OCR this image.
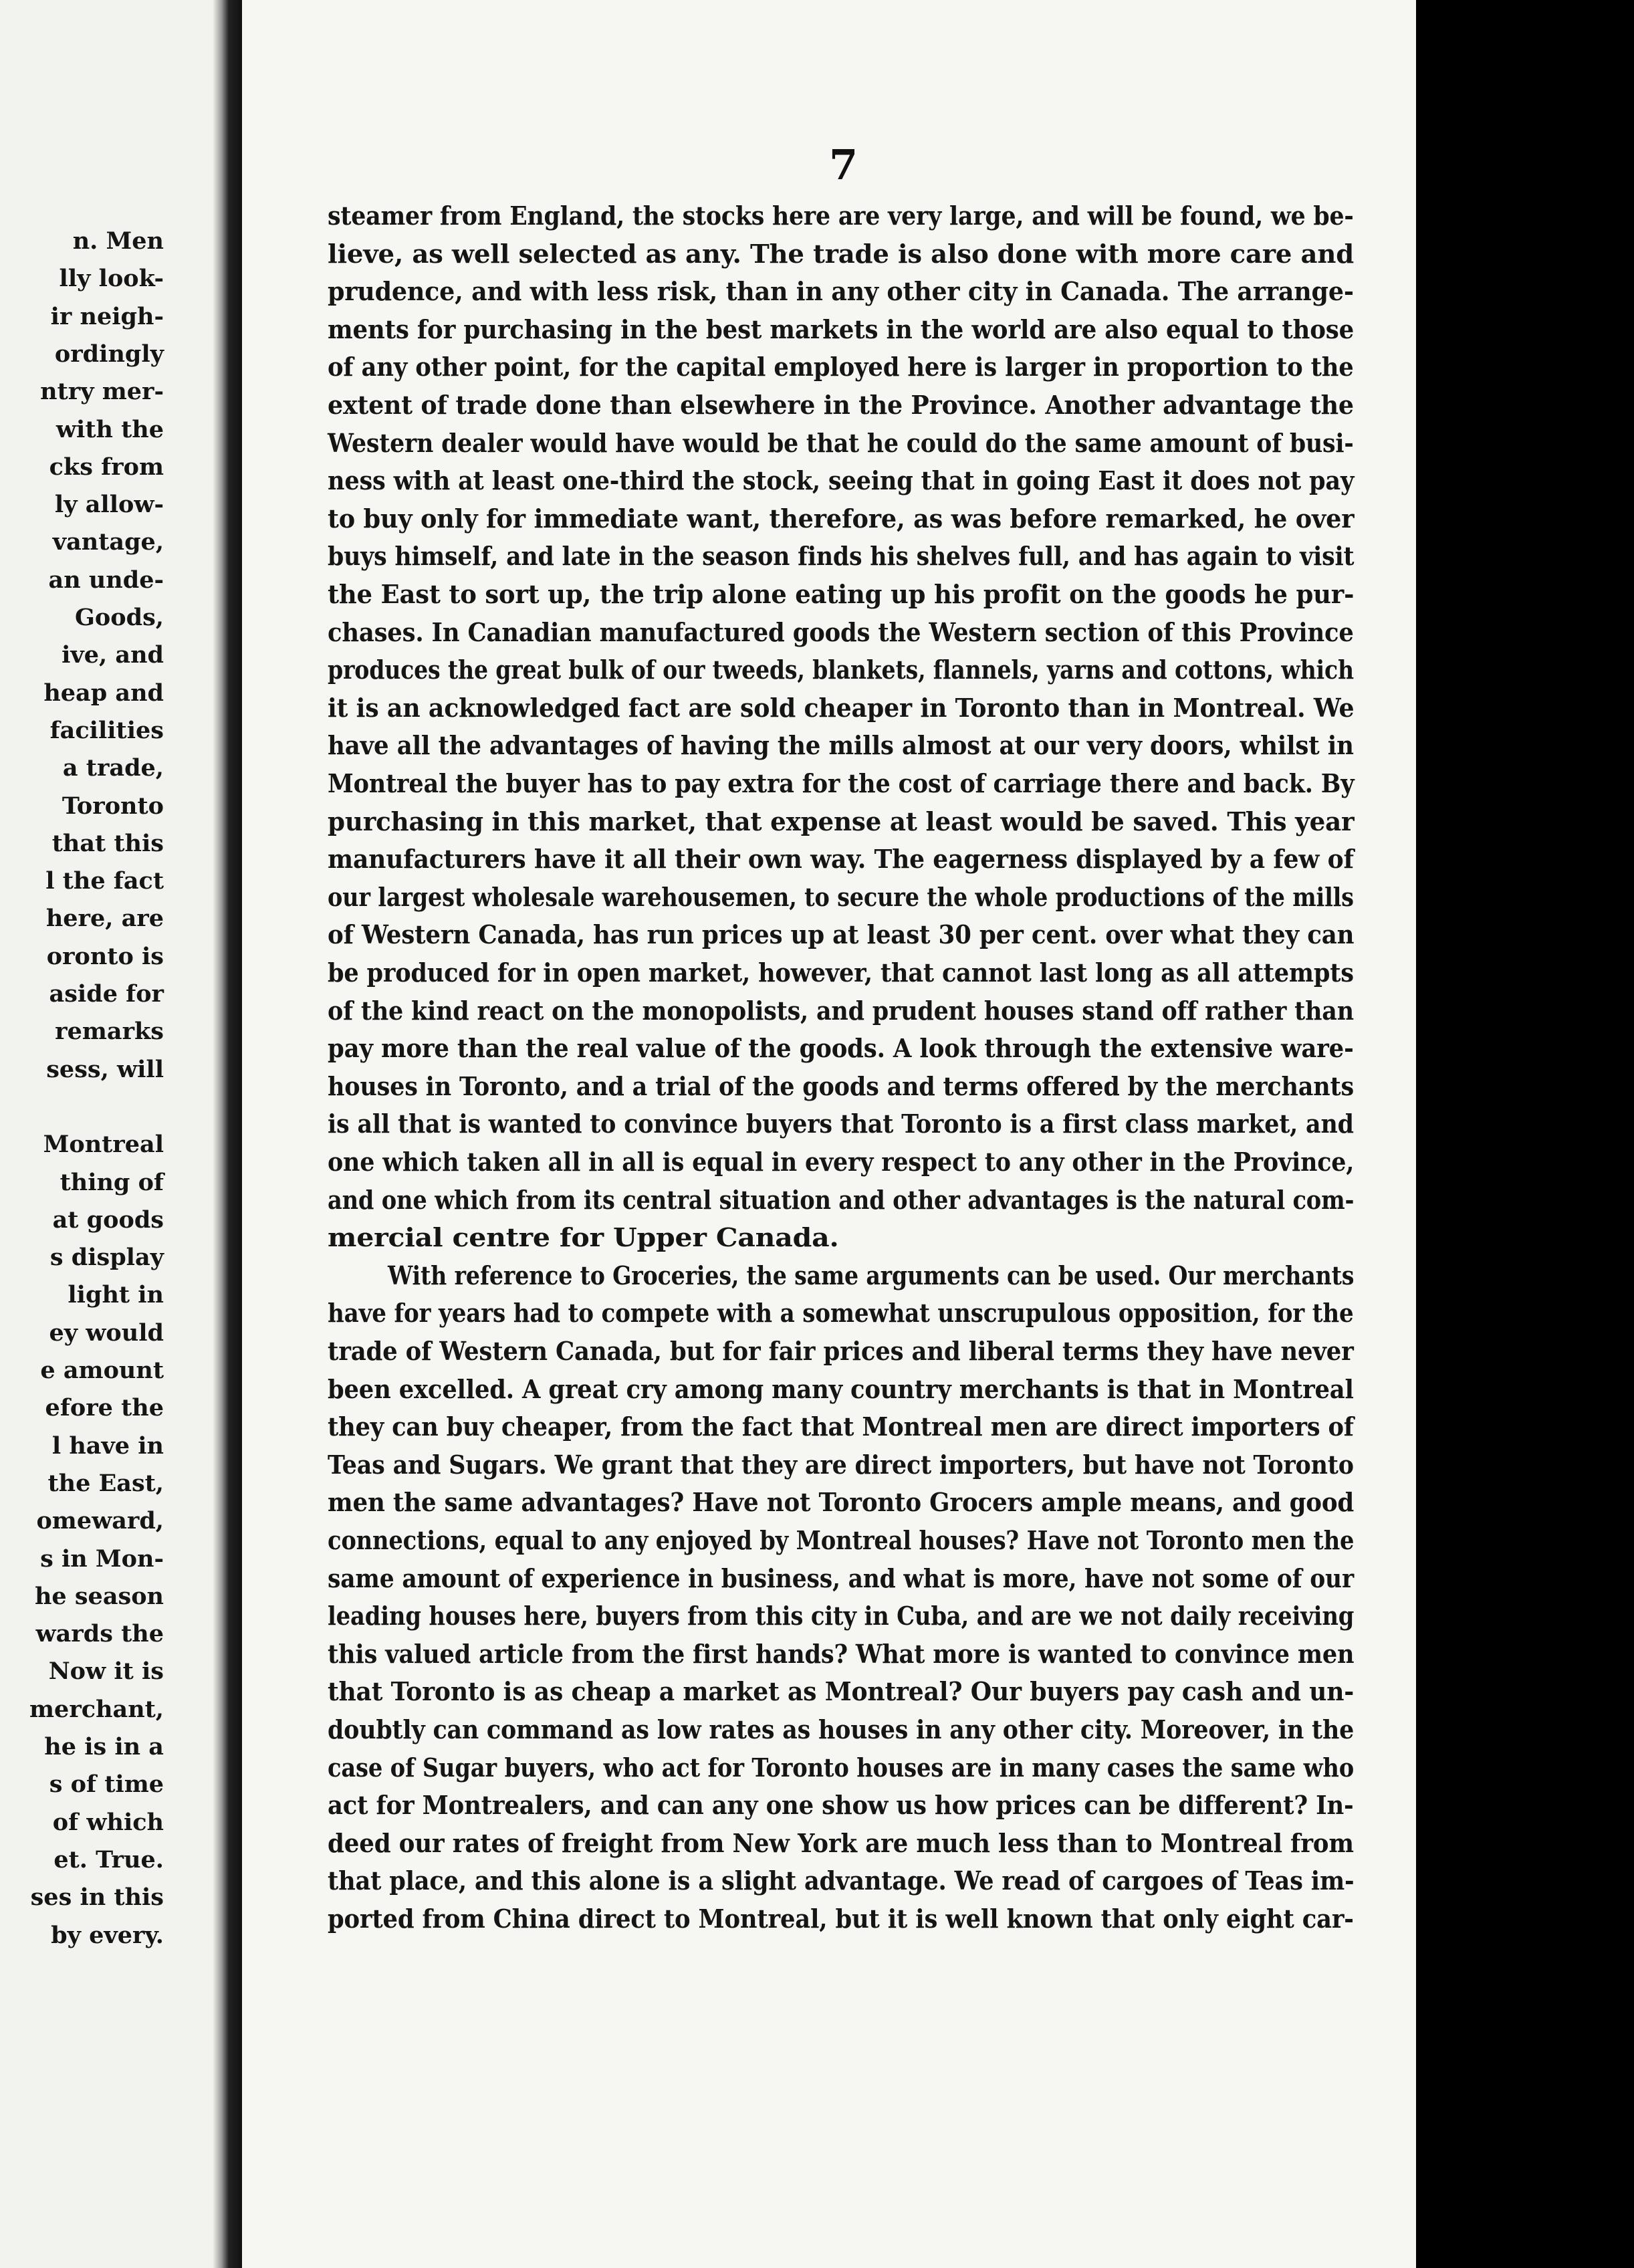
7

n. Men

lly look-

ir neigh-

ordingly

ntry mer-

with the

cks from

ly allow-

vantage,

an unde-

Goods,

ive, and

heap and

facilities

a trade,

Toronto

that this

l the fact

here, are

oronto is

aside for

remarks

sess, will

Montreal

thing of

at goods

s display

light in

ey would

e amount

efore the

l have in

the East,

omeward,

s in Mon-

he season

wards the

Now it is

merchant,

he is in a

s of time

of which

et. True.

ses in this

by every.

steamer from England, the stocks here are very large, and will be found, we be-

lieve, as well selected as any. The trade is also done with more care and

prudence, and with less risk, than in any other city in Canada. The arrange-

ments for purchasing in the best markets in the world are also equal to those

of any other point, for the capital employed here is larger in proportion to the

extent of trade done than elsewhere in the Province. Another advantage the

Western dealer would have would be that he could do the same amount of busi-

ness with at least one-third the stock, seeing that in going East it does not pay

to buy only for immediate want, therefore, as was before remarked, he over

buys himself, and late in the season finds his shelves full, and has again to visit

the East to sort up, the trip alone eating up his profit on the goods he pur-

chases. In Canadian manufactured goods the Western section of this Province

produces the great bulk of our tweeds, blankets, flannels, yarns and cottons, which

it is an acknowledged fact are sold cheaper in Toronto than in Montreal. We

have all the advantages of having the mills almost at our very doors, whilst in

Montreal the buyer has to pay extra for the cost of carriage there and back. By

purchasing in this market, that expense at least would be saved. This year

manufacturers have it all their own way. The eagerness displayed by a few of

our largest wholesale warehousemen, to secure the whole productions of the mills

of Western Canada, has run prices up at least 30 per cent. over what they can

be produced for in open market, however, that cannot last long as all attempts

of the kind react on the monopolists, and prudent houses stand off rather than

pay more than the real value of the goods. A look through the extensive ware-

houses in Toronto, and a trial of the goods and terms offered by the merchants

is all that is wanted to convince buyers that Toronto is a first class market, and

one which taken all in all is equal in every respect to any other in the Province,

and one which from its central situation and other advantages is the natural com-

mercial centre for Upper Canada.

With reference to Groceries, the same arguments can be used. Our merchants

have for years had to compete with a somewhat unscrupulous opposition, for the

trade of Western Canada, but for fair prices and liberal terms they have never

been excelled. A great cry among many country merchants is that in Montreal

they can buy cheaper, from the fact that Montreal men are direct importers of

Teas and Sugars. We grant that they are direct importers, but have not Toronto

men the same advantages? Have not Toronto Grocers ample means, and good

connections, equal to any enjoyed by Montreal houses? Have not Toronto men the

same amount of experience in business, and what is more, have not some of our

leading houses here, buyers from this city in Cuba, and are we not daily receiving

this valued article from the first hands? What more is wanted to convince men

that Toronto is as cheap a market as Montreal? Our buyers pay cash and un-

doubtly can command as low rates as houses in any other city. Moreover, in the

case of Sugar buyers, who act for Toronto houses are in many cases the same who

act for Montrealers, and can any one show us how prices can be different? In-

deed our rates of freight from New York are much less than to Montreal from

that place, and this alone is a slight advantage. We read of cargoes of Teas im-

ported from China direct to Montreal, but it is well known that only eight car-
